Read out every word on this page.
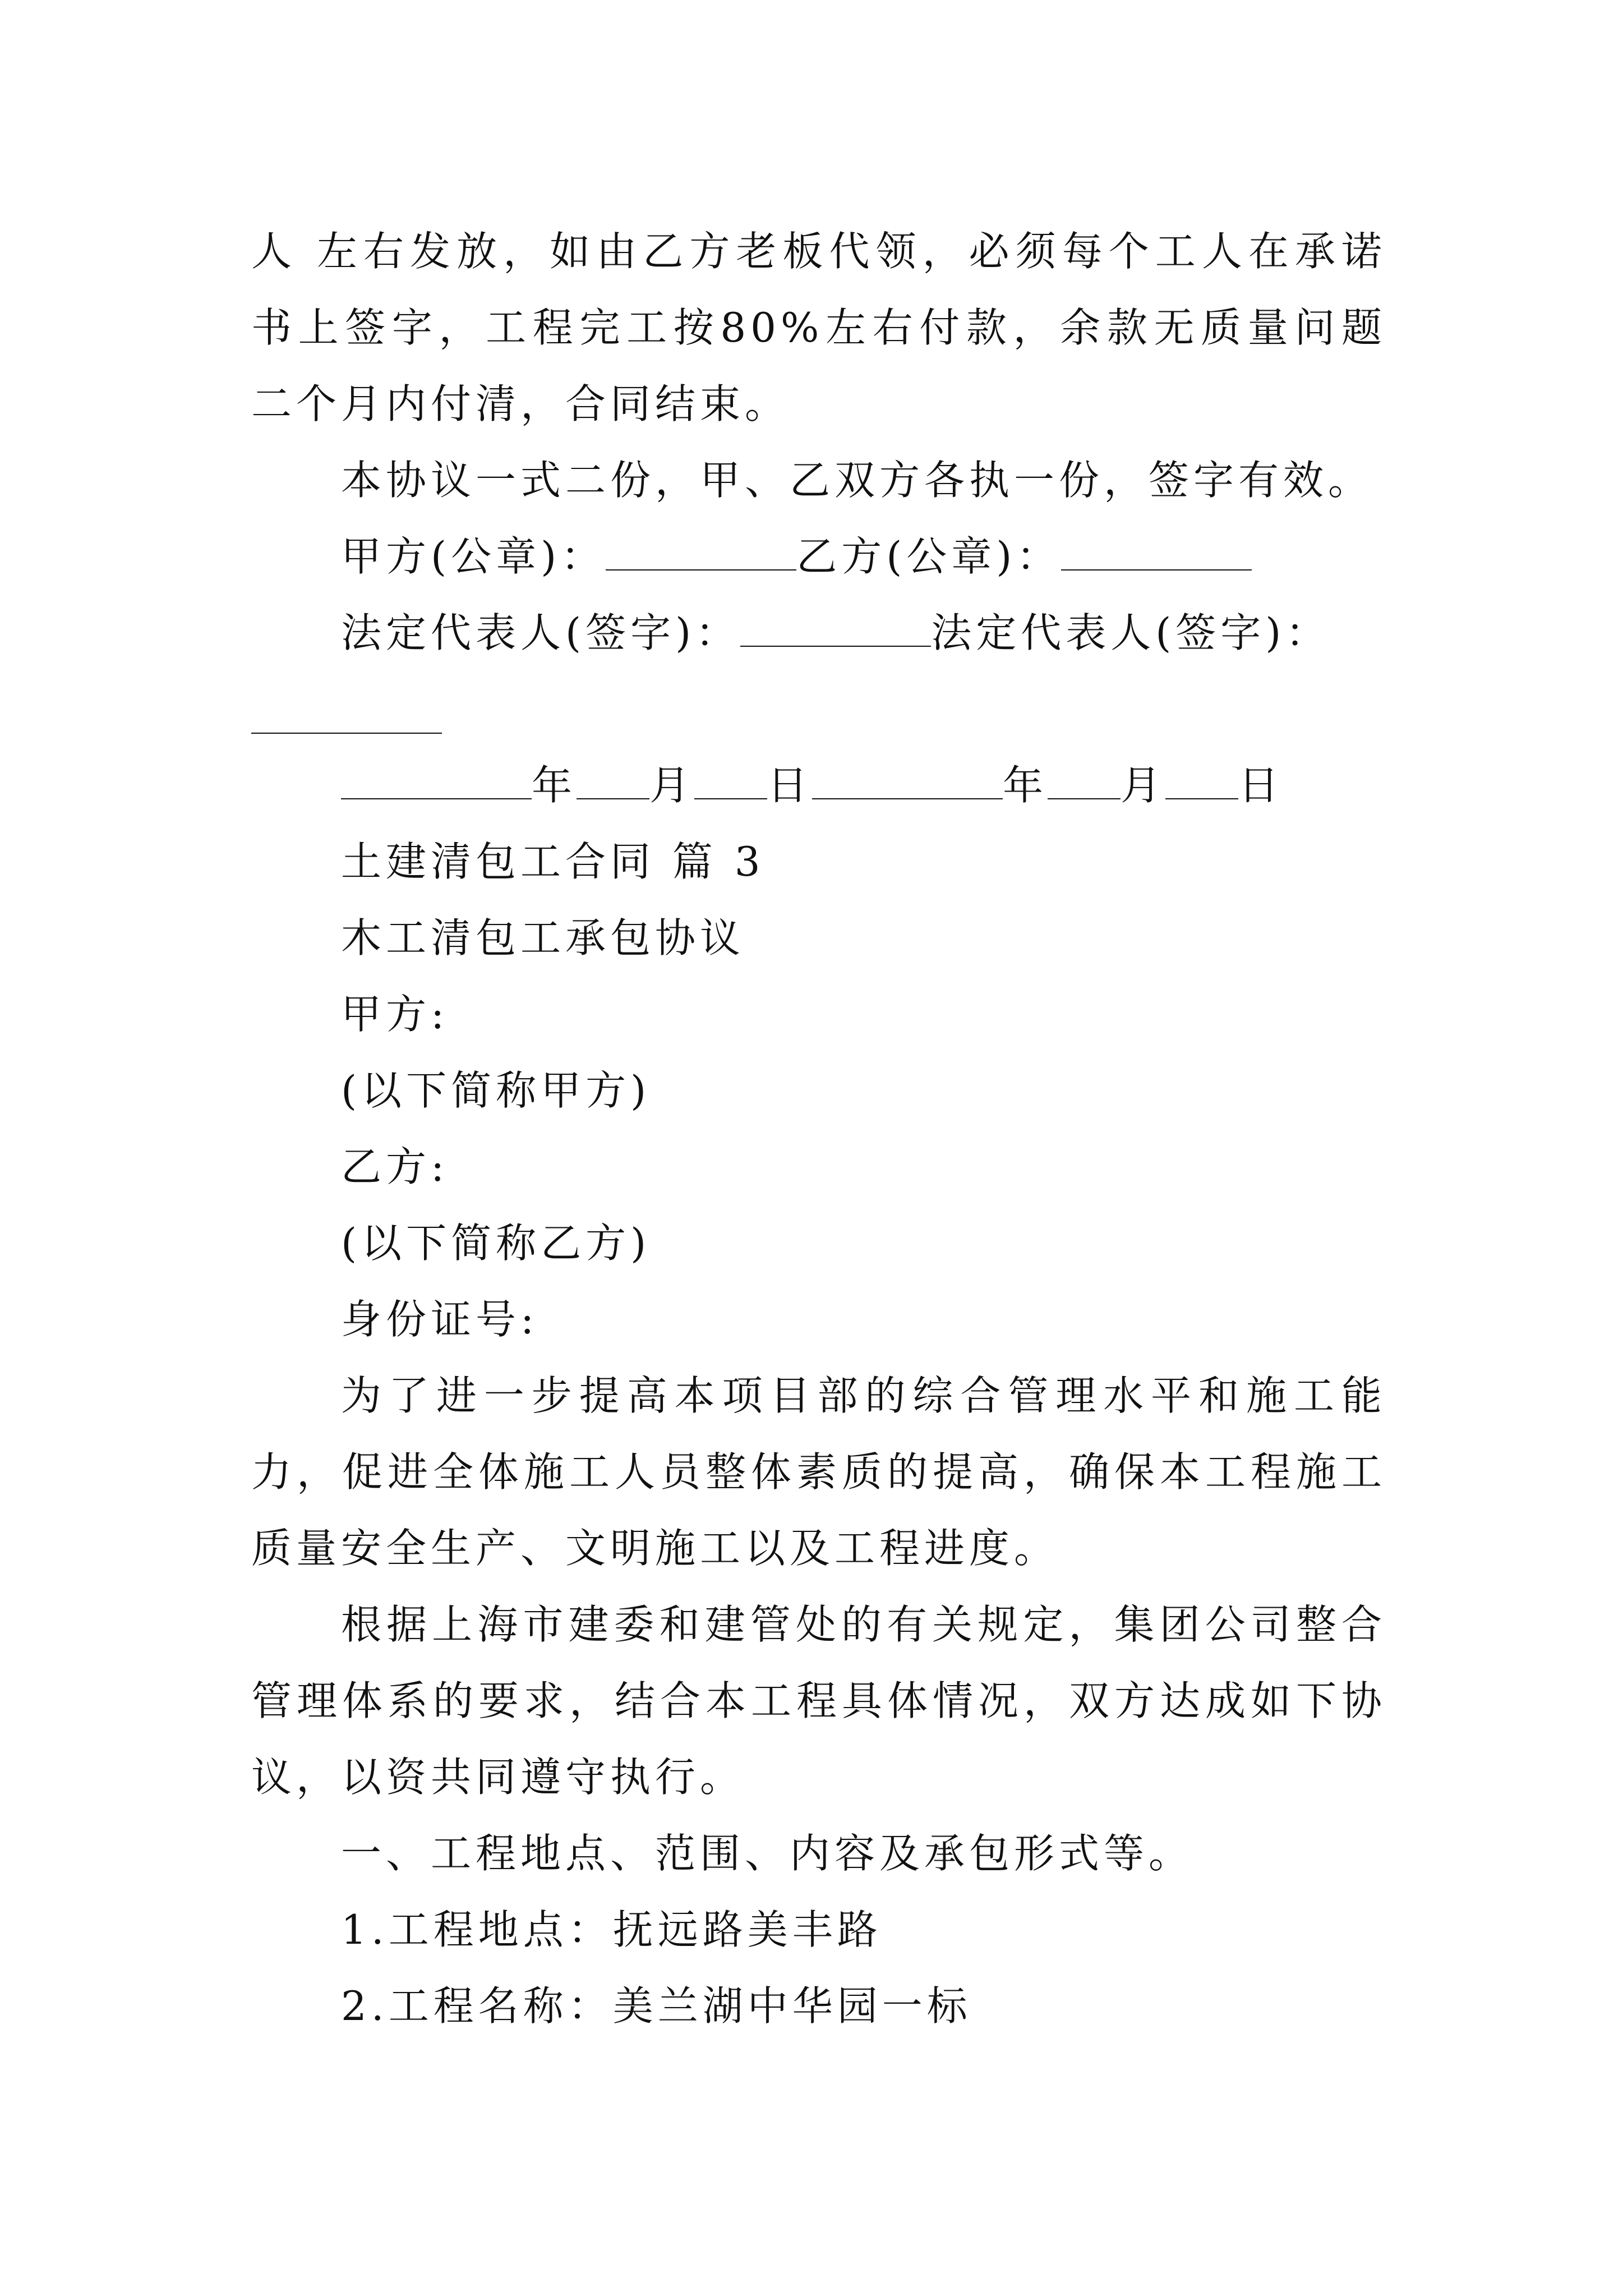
人 左右发放，如由乙方老板代领，必须每个工人在承诺书上签字，工程完工按80%左右付款，余款无质量问题二个月内付清，合同结束。

本协议一式二份，甲、乙双方各执一份，签字有效。

甲方(公章)：	乙方(公章)：
法定代表人(签字)：	法定代表人(签字)：
年 月 日	年 月 日

土建清包工合同 篇 3

木工清包工承包协议

甲方:

(以下简称甲方)

乙方:

(以下简称乙方)

身份证号:

为了进一步提高本项目部的综合管理水平和施工能力，促进全体施工人员整体素质的提高，确保本工程施工质量安全生产、文明施工以及工程进度。

根据上海市建委和建管处的有关规定，集团公司整合管理体系的要求，结合本工程具体情况，双方达成如下协议，以资共同遵守执行。

一、工程地点、范围、内容及承包形式等。

1.工程地点：抚远路美丰路

2.工程名称：美兰湖中华园一标
